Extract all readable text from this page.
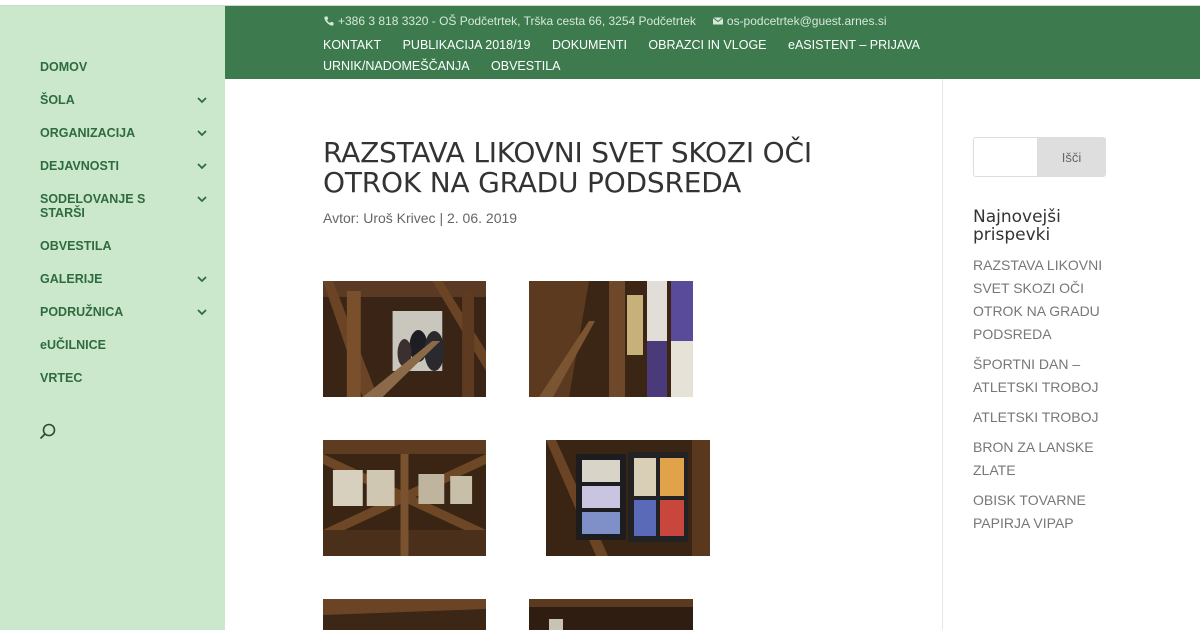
DOMOV
ŠOLA
ORGANIZACIJA
DEJAVNOSTI
SODELOVANJE S STARŠI
OBVESTILA
GALERIJE
PODRUŽNICA
eUČILNICE
VRTEC
+386 3 818 3320 - OŠ Podčetrtek, Trška cesta 66, 3254 Podčetrtek	os-podcetrtek@guest.arnes.si
KONTAKT PUBLIKACIJA 2018/19 DOKUMENTI OBRAZCI IN VLOGE eASISTENT – PRIJAVA URNIK/NADOMEŠČANJA OBVESTILA
RAZSTAVA LIKOVNI SVET SKOZI OČI OTROK NA GRADU PODSREDA
Avtor: Uroš Krivec | 2. 06. 2019
Išči
Najnovejši prispevki
RAZSTAVA LIKOVNI SVET SKOZI OČI OTROK NA GRADU PODSREDA
ŠPORTNI DAN – ATLETSKI TROBOJ
ATLETSKI TROBOJ
BRON ZA LANSKE ZLATE
OBISK TOVARNE PAPIRJA VIPAP
